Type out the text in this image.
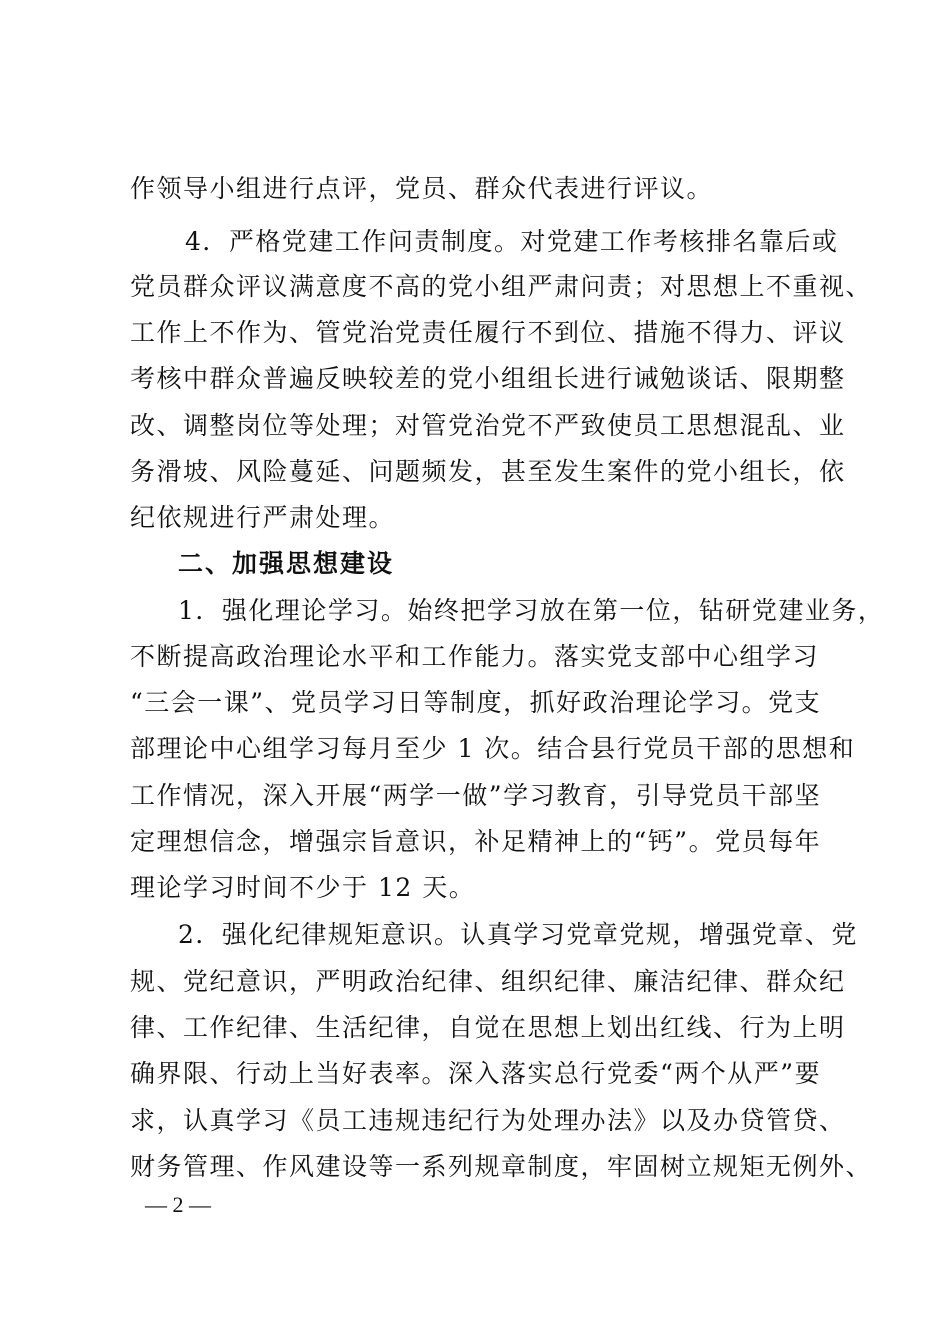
作领导小组进行点评，党员、群众代表进行评议。
4．严格党建工作问责制度。对党建工作考核排名靠后或
党员群众评议满意度不高的党小组严肃问责；对思想上不重视、
工作上不作为、管党治党责任履行不到位、措施不得力、评议
考核中群众普遍反映较差的党小组组长进行诫勉谈话、限期整
改、调整岗位等处理；对管党治党不严致使员工思想混乱、业
务滑坡、风险蔓延、问题频发，甚至发生案件的党小组长，依
纪依规进行严肃处理。
二、加强思想建设
1．强化理论学习。始终把学习放在第一位，钻研党建业务，
不断提高政治理论水平和工作能力。落实党支部中心组学习
“三会一课”、党员学习日等制度，抓好政治理论学习。党支
部理论中心组学习每月至少 1 次。结合县行党员干部的思想和
工作情况，深入开展“两学一做”学习教育，引导党员干部坚
定理想信念，增强宗旨意识，补足精神上的“钙”。党员每年
理论学习时间不少于 12 天。
2．强化纪律规矩意识。认真学习党章党规，增强党章、党
规、党纪意识，严明政治纪律、组织纪律、廉洁纪律、群众纪
律、工作纪律、生活纪律，自觉在思想上划出红线、行为上明
确界限、行动上当好表率。深入落实总行党委“两个从严”要
求，认真学习《员工违规违纪行为处理办法》以及办贷管贷、
财务管理、作风建设等一系列规章制度，牢固树立规矩无例外、
— 2 —
